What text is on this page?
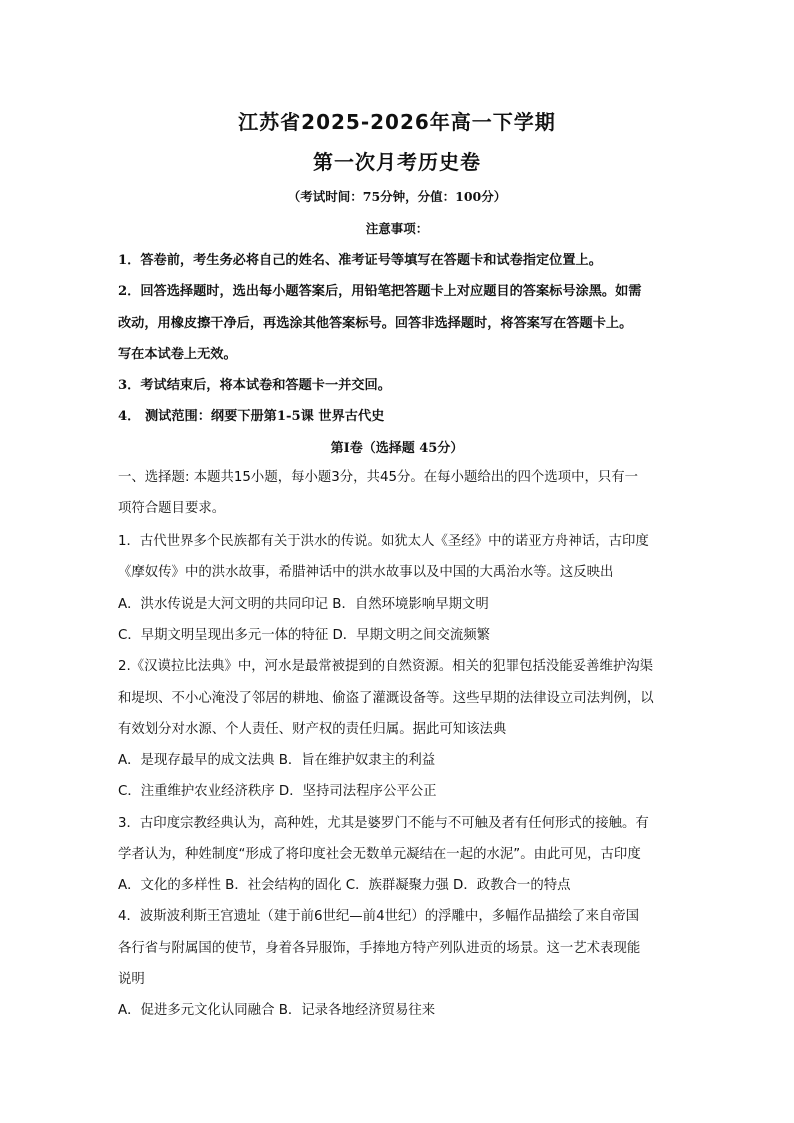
江苏省2025-2026年高一下学期
第一次月考历史卷
（考试时间：75分钟，分值：100分）
注意事项：
1．答卷前，考生务必将自己的姓名、准考证号等填写在答题卡和试卷指定位置上。
2．回答选择题时，选出每小题答案后，用铅笔把答题卡上对应题目的答案标号涂黑。如需
改动，用橡皮擦干净后，再选涂其他答案标号。回答非选择题时，将答案写在答题卡上。
写在本试卷上无效。
3．考试结束后，将本试卷和答题卡一并交回。
4． 测试范围：纲要下册第1-5课 世界古代史
第Ⅰ卷（选择题 45分）
一、选择题: 本题共15小题，每小题3分，共45分。在每小题给出的四个选项中，只有一
项符合题目要求。
1．古代世界多个民族都有关于洪水的传说。如犹太人《圣经》中的诺亚方舟神话，古印度
《摩奴传》中的洪水故事，希腊神话中的洪水故事以及中国的大禹治水等。这反映出
A．洪水传说是大河文明的共同印记 B．自然环境影响早期文明
C．早期文明呈现出多元一体的特征 D．早期文明之间交流频繁
2.《汉谟拉比法典》中，河水是最常被提到的自然资源。相关的犯罪包括没能妥善维护沟渠
和堤坝、不小心淹没了邻居的耕地、偷盗了灌溉设备等。这些早期的法律设立司法判例，以
有效划分对水源、个人责任、财产权的责任归属。据此可知该法典
A．是现存最早的成文法典 B．旨在维护奴隶主的利益
C．注重维护农业经济秩序 D．坚持司法程序公平公正
3．古印度宗教经典认为，高种姓，尤其是婆罗门不能与不可触及者有任何形式的接触。有
学者认为，种姓制度“形成了将印度社会无数单元凝结在一起的水泥”。由此可见，古印度
A．文化的多样性 B．社会结构的固化 C．族群凝聚力强 D．政教合一的特点
4．波斯波利斯王宫遗址（建于前6世纪—前4世纪）的浮雕中，多幅作品描绘了来自帝国
各行省与附属国的使节，身着各异服饰，手捧地方特产列队进贡的场景。这一艺术表现能
说明
A．促进多元文化认同融合 B．记录各地经济贸易往来
